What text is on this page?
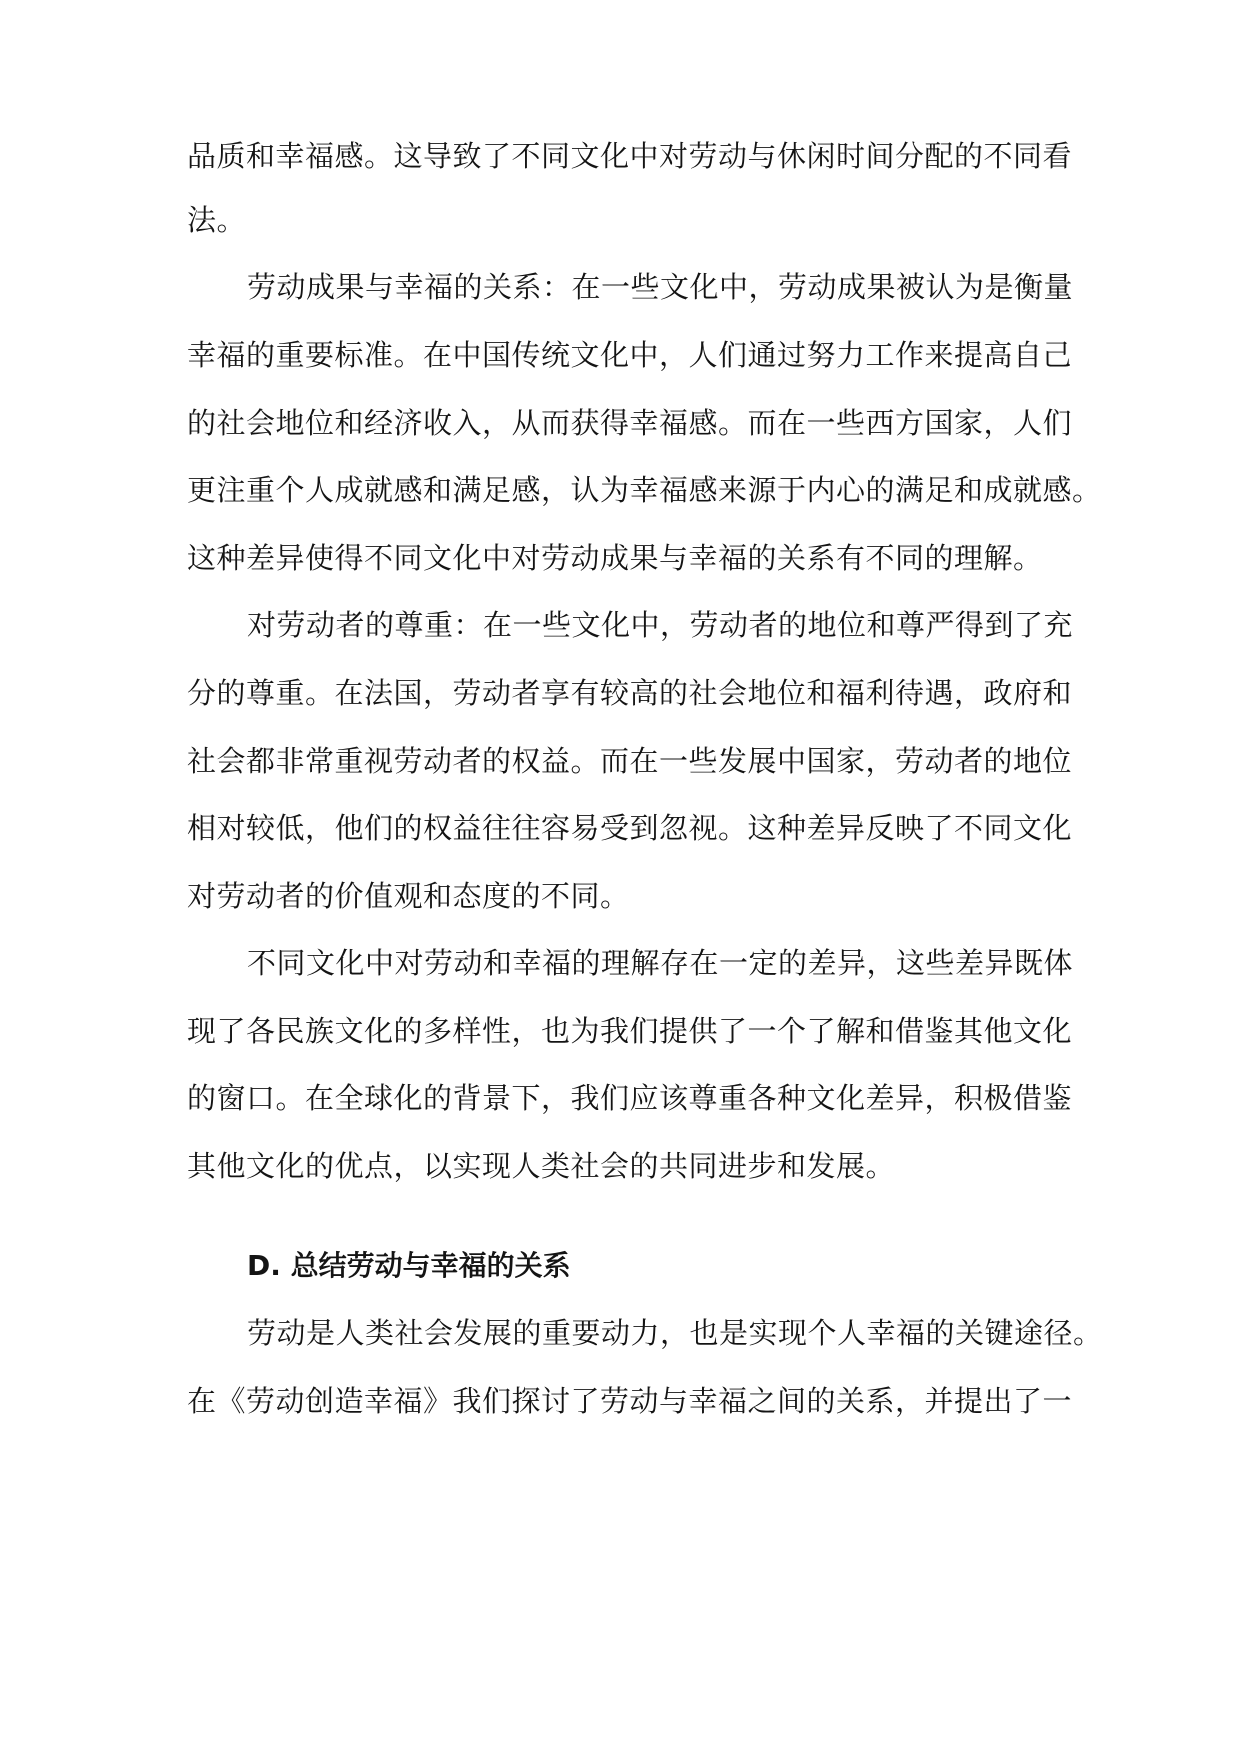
品质和幸福感。这导致了不同文化中对劳动与休闲时间分配的不同看
法。
劳动成果与幸福的关系：在一些文化中，劳动成果被认为是衡量
幸福的重要标准。在中国传统文化中，人们通过努力工作来提高自己
的社会地位和经济收入，从而获得幸福感。而在一些西方国家，人们
更注重个人成就感和满足感，认为幸福感来源于内心的满足和成就感。
这种差异使得不同文化中对劳动成果与幸福的关系有不同的理解。
对劳动者的尊重：在一些文化中，劳动者的地位和尊严得到了充
分的尊重。在法国，劳动者享有较高的社会地位和福利待遇，政府和
社会都非常重视劳动者的权益。而在一些发展中国家，劳动者的地位
相对较低，他们的权益往往容易受到忽视。这种差异反映了不同文化
对劳动者的价值观和态度的不同。
不同文化中对劳动和幸福的理解存在一定的差异，这些差异既体
现了各民族文化的多样性，也为我们提供了一个了解和借鉴其他文化
的窗口。在全球化的背景下，我们应该尊重各种文化差异，积极借鉴
其他文化的优点，以实现人类社会的共同进步和发展。
D. 总结劳动与幸福的关系
劳动是人类社会发展的重要动力，也是实现个人幸福的关键途径。
在《劳动创造幸福》我们探讨了劳动与幸福之间的关系，并提出了一
